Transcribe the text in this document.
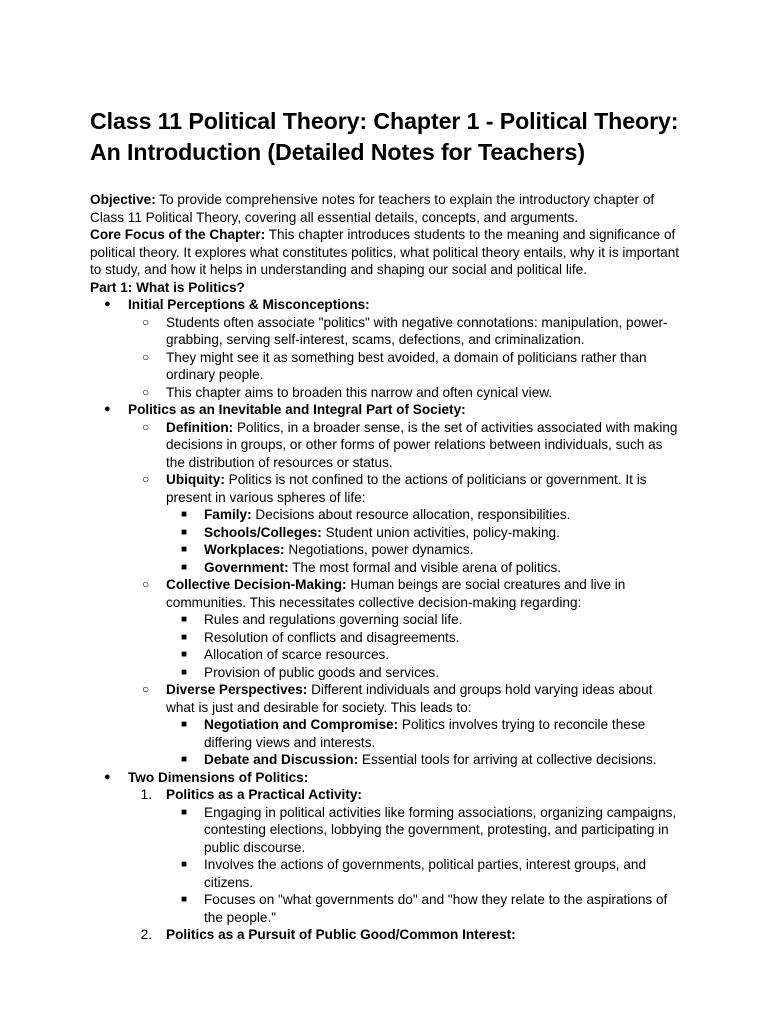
Class 11 Political Theory: Chapter 1 - Political Theory: An Introduction (Detailed Notes for Teachers)

Objective: To provide comprehensive notes for teachers to explain the introductory chapter of Class 11 Political Theory, covering all essential details, concepts, and arguments.

Core Focus of the Chapter: This chapter introduces students to the meaning and significance of political theory. It explores what constitutes politics, what political theory entails, why it is important to study, and how it helps in understanding and shaping our social and political life.

Part 1: What is Politics?

●	Initial Perceptions & Misconceptions:
○	Students often associate "politics" with negative connotations: manipulation, power-grabbing, serving self-interest, scams, defections, and criminalization.
○	They might see it as something best avoided, a domain of politicians rather than ordinary people.
○	This chapter aims to broaden this narrow and often cynical view.
●	Politics as an Inevitable and Integral Part of Society:
○	Definition: Politics, in a broader sense, is the set of activities associated with making decisions in groups, or other forms of power relations between individuals, such as the distribution of resources or status.
○	Ubiquity: Politics is not confined to the actions of politicians or government. It is present in various spheres of life:
■	Family: Decisions about resource allocation, responsibilities.
■	Schools/Colleges: Student union activities, policy-making.
■	Workplaces: Negotiations, power dynamics.
■	Government: The most formal and visible arena of politics.
○	Collective Decision-Making: Human beings are social creatures and live in communities. This necessitates collective decision-making regarding:
■	Rules and regulations governing social life.
■	Resolution of conflicts and disagreements.
■	Allocation of scarce resources.
■	Provision of public goods and services.
○	Diverse Perspectives: Different individuals and groups hold varying ideas about what is just and desirable for society. This leads to:
■	Negotiation and Compromise: Politics involves trying to reconcile these differing views and interests.
■	Debate and Discussion: Essential tools for arriving at collective decisions.
●	Two Dimensions of Politics:
1. Politics as a Practical Activity:
■	Engaging in political activities like forming associations, organizing campaigns, contesting elections, lobbying the government, protesting, and participating in public discourse.
■	Involves the actions of governments, political parties, interest groups, and citizens.
■	Focuses on "what governments do" and "how they relate to the aspirations of the people."
2. Politics as a Pursuit of Public Good/Common Interest:
